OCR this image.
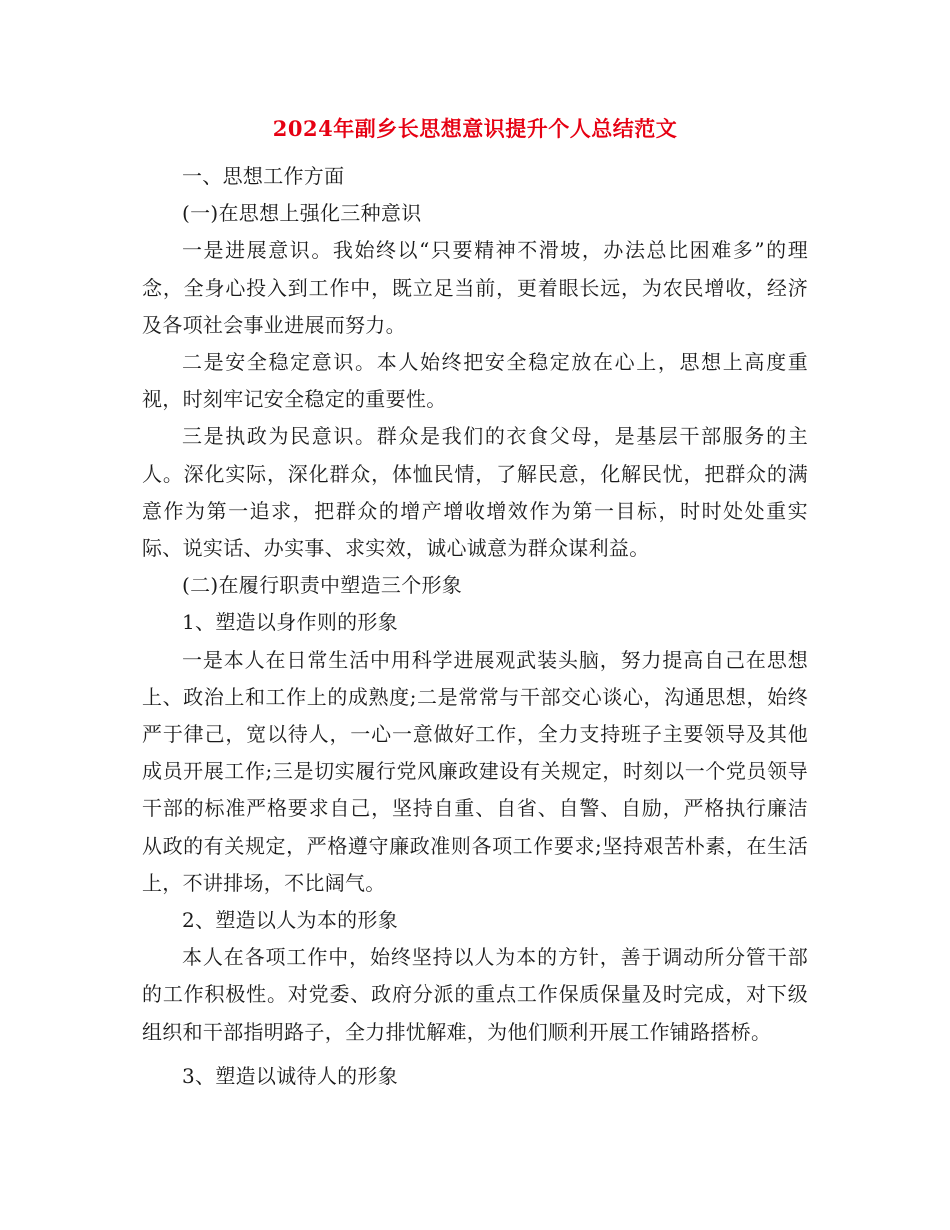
2024年副乡长思想意识提升个人总结范文

一、思想工作方面

(一)在思想上强化三种意识

一是进展意识。我始终以“只要精神不滑坡，办法总比困难多”的理念，全身心投入到工作中，既立足当前，更着眼长远，为农民增收，经济及各项社会事业进展而努力。

二是安全稳定意识。本人始终把安全稳定放在心上，思想上高度重视，时刻牢记安全稳定的重要性。

三是执政为民意识。群众是我们的衣食父母，是基层干部服务的主人。深化实际，深化群众，体恤民情，了解民意，化解民忧，把群众的满意作为第一追求，把群众的增产增收增效作为第一目标，时时处处重实际、说实话、办实事、求实效，诚心诚意为群众谋利益。

(二)在履行职责中塑造三个形象

1、塑造以身作则的形象

一是本人在日常生活中用科学进展观武装头脑，努力提高自己在思想上、政治上和工作上的成熟度;二是常常与干部交心谈心，沟通思想，始终严于律己，宽以待人，一心一意做好工作，全力支持班子主要领导及其他成员开展工作;三是切实履行党风廉政建设有关规定，时刻以一个党员领导干部的标准严格要求自己，坚持自重、自省、自警、自励，严格执行廉洁从政的有关规定，严格遵守廉政准则各项工作要求;坚持艰苦朴素，在生活上，不讲排场，不比阔气。

2、塑造以人为本的形象

本人在各项工作中，始终坚持以人为本的方针，善于调动所分管干部的工作积极性。对党委、政府分派的重点工作保质保量及时完成，对下级组织和干部指明路子，全力排忧解难，为他们顺利开展工作铺路搭桥。

3、塑造以诚待人的形象
